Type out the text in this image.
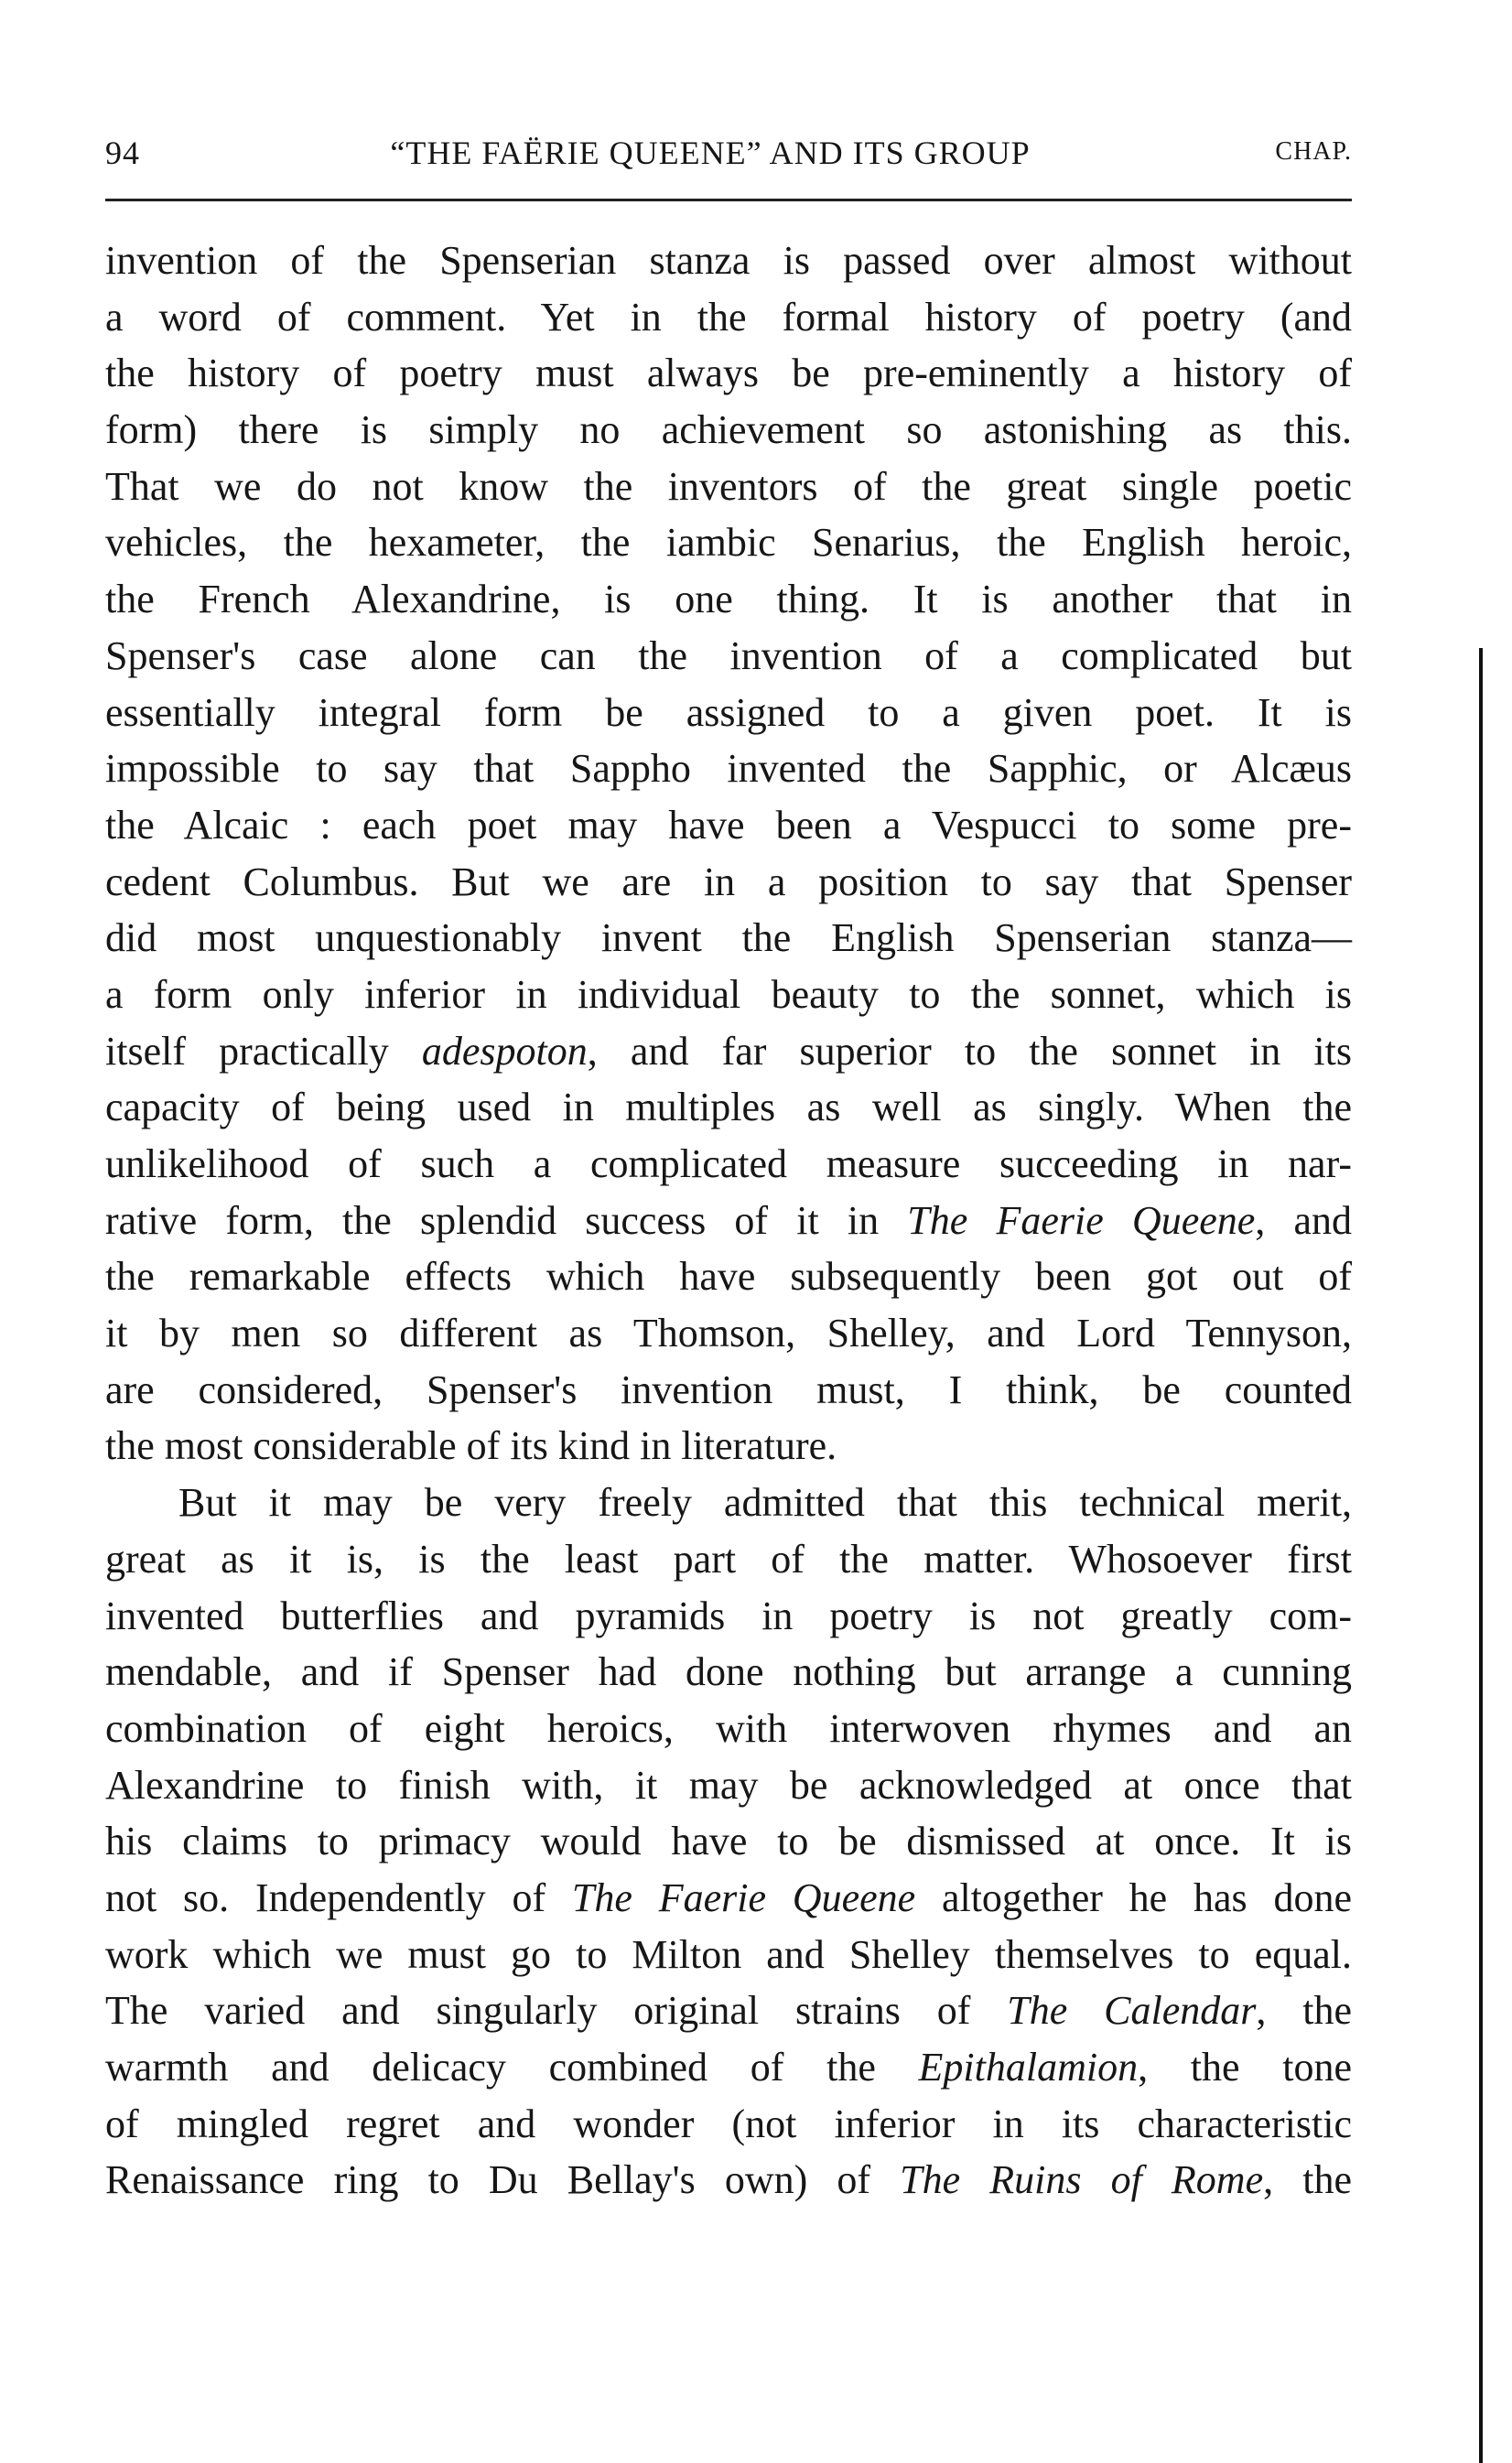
94	“THE FAËRIE QUEENE” AND ITS GROUP	CHAP.
invention of the Spenserian stanza is passed over almost without
a word of comment. Yet in the formal history of poetry (and
the history of poetry must always be pre-eminently a history of
form) there is simply no achievement so astonishing as this.
That we do not know the inventors of the great single poetic
vehicles, the hexameter, the iambic Senarius, the English heroic,
the French Alexandrine, is one thing. It is another that in
Spenser's case alone can the invention of a complicated but
essentially integral form be assigned to a given poet. It is
impossible to say that Sappho invented the Sapphic, or Alcæus
the Alcaic : each poet may have been a Vespucci to some pre-
cedent Columbus. But we are in a position to say that Spenser
did most unquestionably invent the English Spenserian stanza—
a form only inferior in individual beauty to the sonnet, which is
itself practically adespoton, and far superior to the sonnet in its
capacity of being used in multiples as well as singly. When the
unlikelihood of such a complicated measure succeeding in nar-
rative form, the splendid success of it in The Faerie Queene, and
the remarkable effects which have subsequently been got out of
it by men so different as Thomson, Shelley, and Lord Tennyson,
are considered, Spenser's invention must, I think, be counted
the most considerable of its kind in literature.
But it may be very freely admitted that this technical merit,
great as it is, is the least part of the matter. Whosoever first
invented butterflies and pyramids in poetry is not greatly com-
mendable, and if Spenser had done nothing but arrange a cunning
combination of eight heroics, with interwoven rhymes and an
Alexandrine to finish with, it may be acknowledged at once that
his claims to primacy would have to be dismissed at once. It is
not so. Independently of The Faerie Queene altogether he has done
work which we must go to Milton and Shelley themselves to equal.
The varied and singularly original strains of The Calendar, the
warmth and delicacy combined of the Epithalamion, the tone
of mingled regret and wonder (not inferior in its characteristic
Renaissance ring to Du Bellay's own) of The Ruins of Rome, the
